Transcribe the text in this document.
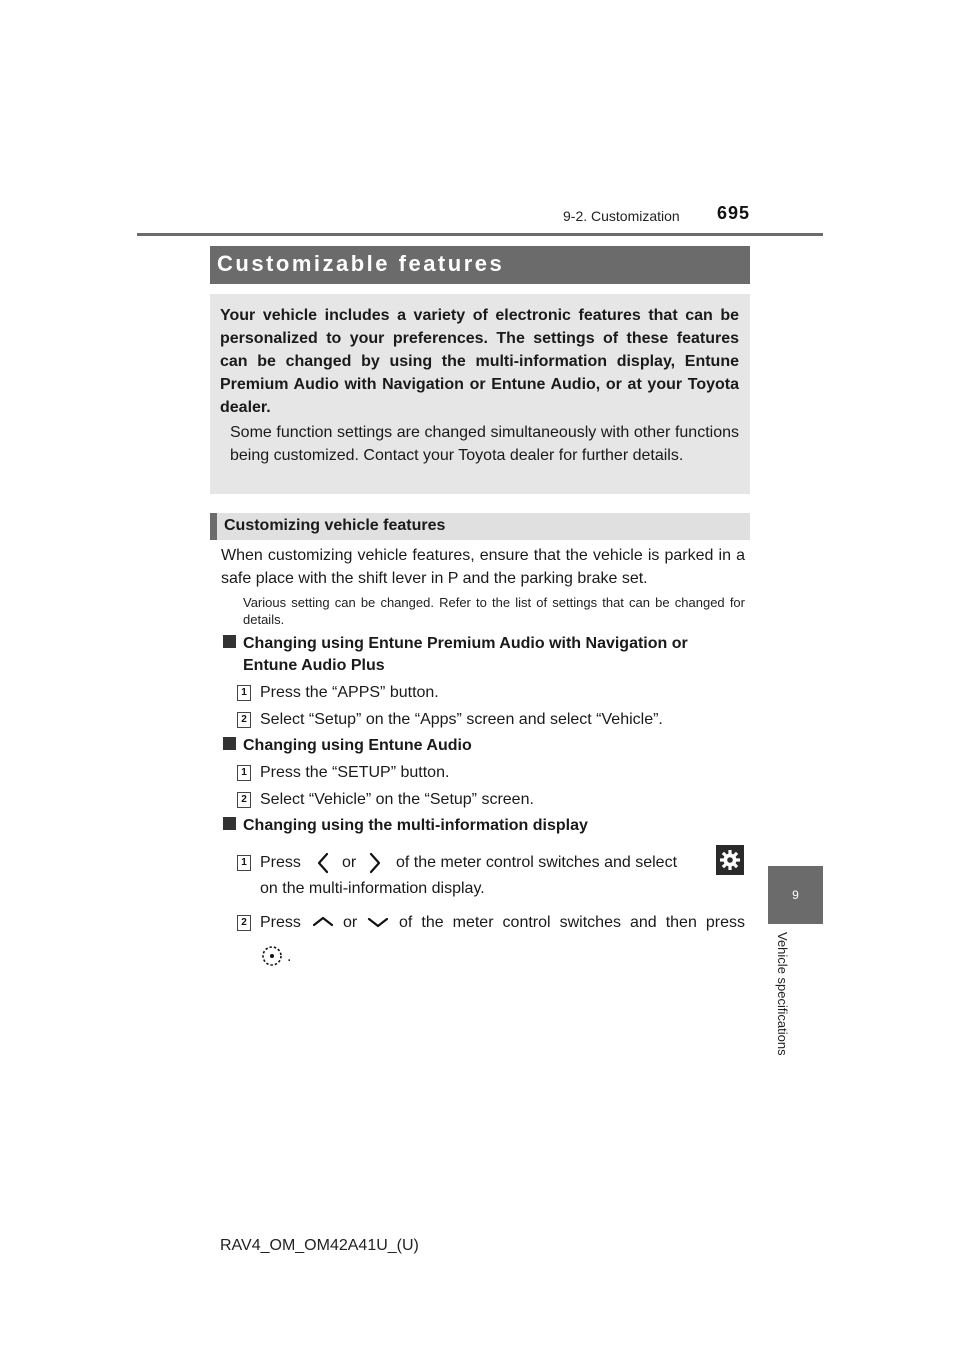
9-2. Customization 695
9
Vehicle specifications
Customizable features
Your vehicle includes a variety of electronic features that can be personalized to your preferences. The settings of these features can be changed by using the multi-information display, Entune Premium Audio with Navigation or Entune Audio, or at your Toyota dealer.
Some function settings are changed simultaneously with other functions being customized. Contact your Toyota dealer for further details.
Customizing vehicle features
When customizing vehicle features, ensure that the vehicle is parked in a safe place with the shift lever in P and the parking brake set.
Various setting can be changed. Refer to the list of settings that can be changed for details.
Changing using Entune Premium Audio with Navigation or
Entune Audio Plus
1 Press the “APPS” button.
2 Select “Setup” on the “Apps” screen and select “Vehicle”.
Changing using Entune Audio
1 Press the “SETUP” button.
2 Select “Vehicle” on the “Setup” screen.
Changing using the multi-information display
1 Press	or of the meter control switches and select
on the multi-information display.
2 Press	or	of the meter control switches and then press
.
RAV4_OM_OM42A41U_(U)
